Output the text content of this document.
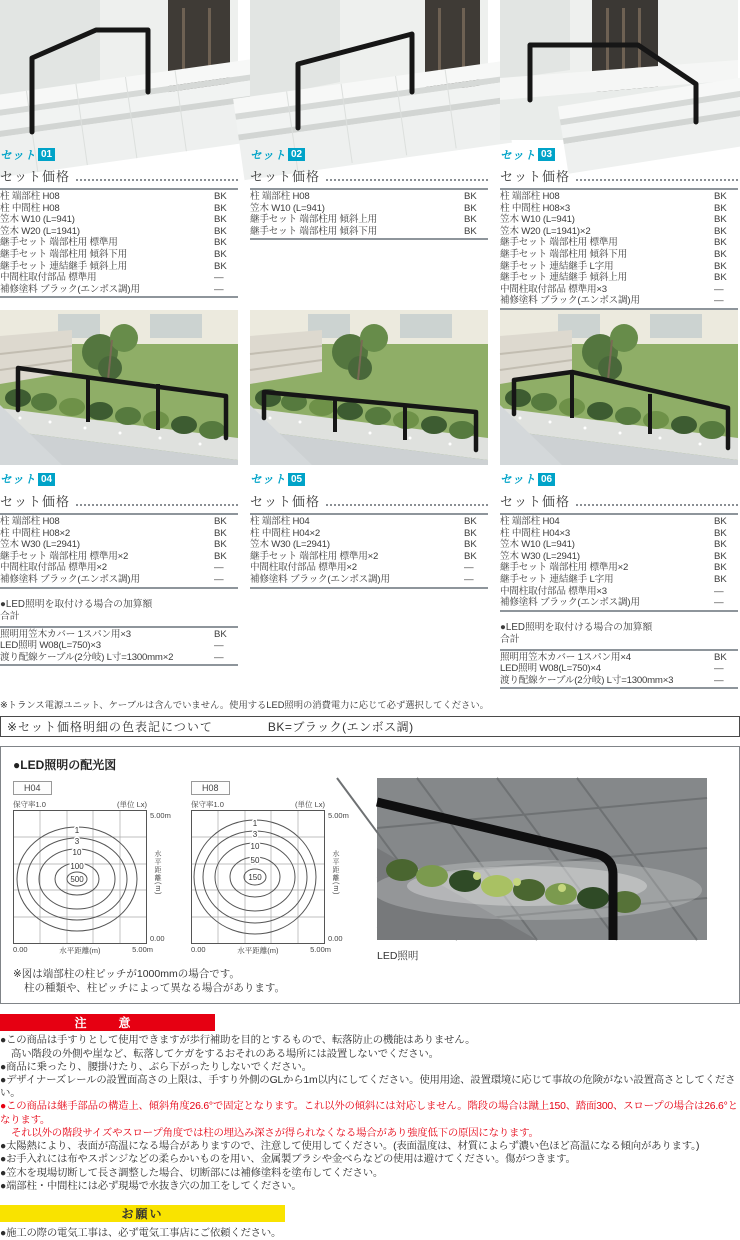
セット 01
セット価格
柱 端部柱 H08	BK
柱 中間柱 H08	BK
笠木 W10 (L=941)	BK
笠木 W20 (L=1941)	BK
継手セット 端部柱用 標準用	BK
継手セット 端部柱用 傾斜下用	BK
継手セット 連結継手 傾斜上用	BK
中間柱取付部品 標準用	—
補修塗料 ブラック(エンボス調)用	—
セット 02
セット価格
柱 端部柱 H08	BK
笠木 W10 (L=941)	BK
継手セット 端部柱用 傾斜上用	BK
継手セット 端部柱用 傾斜下用	BK
セット 03
セット価格
柱 端部柱 H08	BK
柱 中間柱 H08×3	BK
笠木 W10 (L=941)	BK
笠木 W20 (L=1941)×2	BK
継手セット 端部柱用 標準用	BK
継手セット 端部柱用 傾斜下用	BK
継手セット 連結継手 L字用	BK
継手セット 連結継手 傾斜上用	BK
中間柱取付部品 標準用×3	—
補修塗料 ブラック(エンボス調)用	—
セット 04
セット価格
柱 端部柱 H08	BK
柱 中間柱 H08×2	BK
笠木 W30 (L=2941)	BK
継手セット 端部柱用 標準用×2	BK
中間柱取付部品 標準用×2	—
補修塗料 ブラック(エンボス調)用	—
●LED照明を取付ける場合の加算額
合計
照明用笠木カバー 1スパン用×3	BK
LED照明 W08(L=750)×3	—
渡り配線ケーブル(2分岐) L寸=1300mm×2	—
セット 05
セット価格
柱 端部柱 H04	BK
柱 中間柱 H04×2	BK
笠木 W30 (L=2941)	BK
継手セット 端部柱用 標準用×2	BK
中間柱取付部品 標準用×2	—
補修塗料 ブラック(エンボス調)用	—
セット 06
セット価格
柱 端部柱 H04	BK
柱 中間柱 H04×3	BK
笠木 W10 (L=941)	BK
笠木 W30 (L=2941)	BK
継手セット 端部柱用 標準用×2	BK
継手セット 連結継手 L字用	BK
中間柱取付部品 標準用×3	—
補修塗料 ブラック(エンボス調)用	—
●LED照明を取付ける場合の加算額
合計
照明用笠木カバー 1スパン用×4	BK
LED照明 W08(L=750)×4	—
渡り配線ケーブル(2分岐) L寸=1300mm×3	—
※トランス電源ユニット、ケーブルは含んでいません。使用するLED照明の消費電力に応じて必ず選択してください。
※セット価格明細の色表記について	BK=ブラック(エンボス調)
●LED照明の配光図
H04
保守率1.0	(単位 Lx)
1
3
10
100
500
5.00m
水平距離(m)
0.00
0.00	水平距離(m)	5.00m
H08
保守率1.0	(単位 Lx)
1
3
10
50
150
5.00m
水平距離(m)
0.00
0.00	水平距離(m)	5.00m
LED照明
※図は端部柱の柱ピッチが1000mmの場合です。
柱の種類や、柱ピッチによって異なる場合があります。
注　意
●この商品は手すりとして使用できますが歩行補助を目的とするもので、転落防止の機能はありません。
高い階段の外側や崖など、転落してケガをするおそれのある場所には設置しないでください。
●商品に乗ったり、腰掛けたり、ぶら下がったりしないでください。
●デザイナーズレールの設置面高さの上限は、手すり外側のGLから1m以内にしてください。使用用途、設置環境に応じて事故の危険がない設置高さとしてください。
●この商品は継手部品の構造上、傾斜角度26.6°で固定となります。これ以外の傾斜には対応しません。階段の場合は蹴上150、踏面300、スロープの場合は26.6°となります。
それ以外の階段サイズやスロープ角度では柱の埋込み深さが得られなくなる場合があり強度低下の原因になります。
●太陽熱により、表面が高温になる場合がありますので、注意して使用してください。(表面温度は、材質によらず濃い色ほど高温になる傾向があります。)
●お手入れには布やスポンジなどの柔らかいものを用い、金属製ブラシや金べらなどの使用は避けてください。傷がつきます。
●笠木を現場切断して長さ調整した場合、切断部には補修塗料を塗布してください。
●端部柱・中間柱には必ず現場で水抜き穴の加工をしてください。
お願い
●施工の際の電気工事は、必ず電気工事店にご依頼ください。
